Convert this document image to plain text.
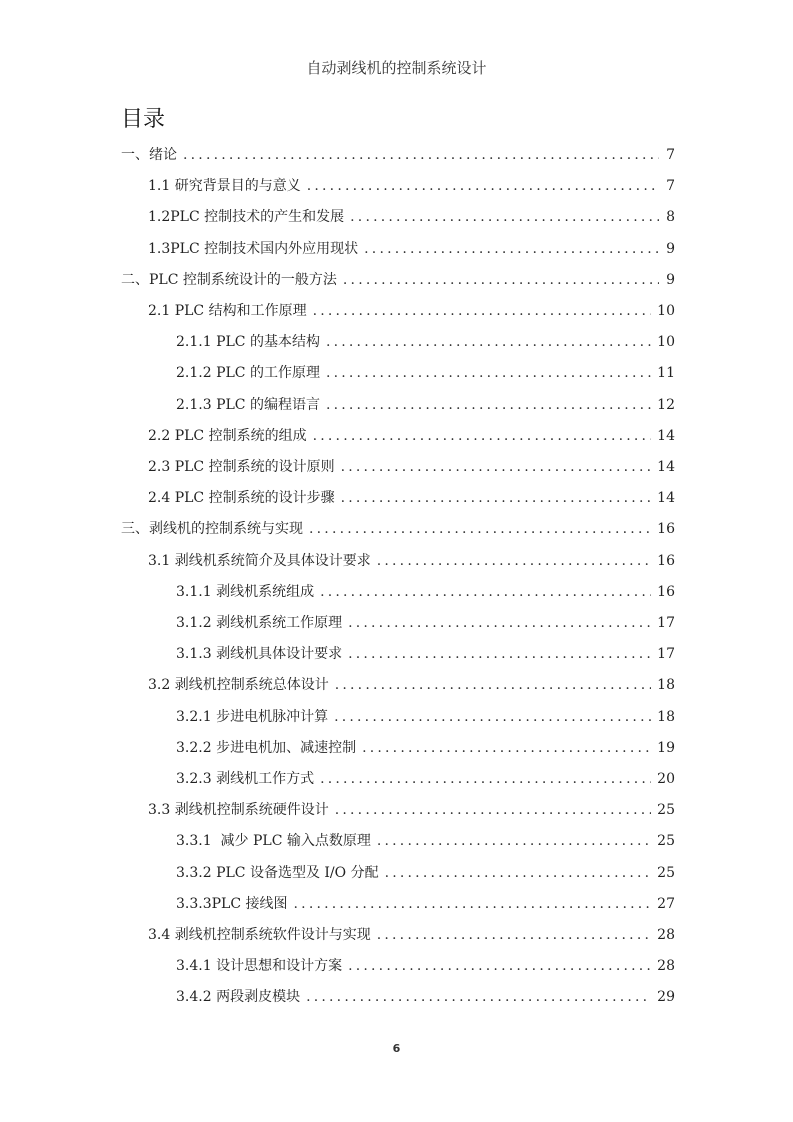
自动剥线机的控制系统设计
目录
一、绪论 .....	7
1.1 研究背景目的与意义 .....	7
1.2PLC 控制技术的产生和发展 .....	8
1.3PLC 控制技术国内外应用现状 .....	9
二、PLC 控制系统设计的一般方法 .....	9
2.1 PLC 结构和工作原理 .....	10
2.1.1 PLC 的基本结构 .....	10
2.1.2 PLC 的工作原理 .....	11
2.1.3 PLC 的编程语言 .....	12
2.2 PLC 控制系统的组成 .....	14
2.3 PLC 控制系统的设计原则 .....	14
2.4 PLC 控制系统的设计步骤 .....	14
三、剥线机的控制系统与实现 .....	16
3.1 剥线机系统简介及具体设计要求 .....	16
3.1.1 剥线机系统组成 .....	16
3.1.2 剥线机系统工作原理 .....	17
3.1.3 剥线机具体设计要求 .....	17
3.2 剥线机控制系统总体设计 .....	18
3.2.1 步进电机脉冲计算 .....	18
3.2.2 步进电机加、减速控制 .....	19
3.2.3 剥线机工作方式 .....	20
3.3 剥线机控制系统硬件设计 .....	25
3.3.1  减少 PLC 输入点数原理 .....	25
3.3.2 PLC 设备选型及 I/O 分配 .....	25
3.3.3PLC 接线图 .....	27
3.4 剥线机控制系统软件设计与实现 .....	28
3.4.1 设计思想和设计方案 .....	28
3.4.2 两段剥皮模块 .....	29
6
